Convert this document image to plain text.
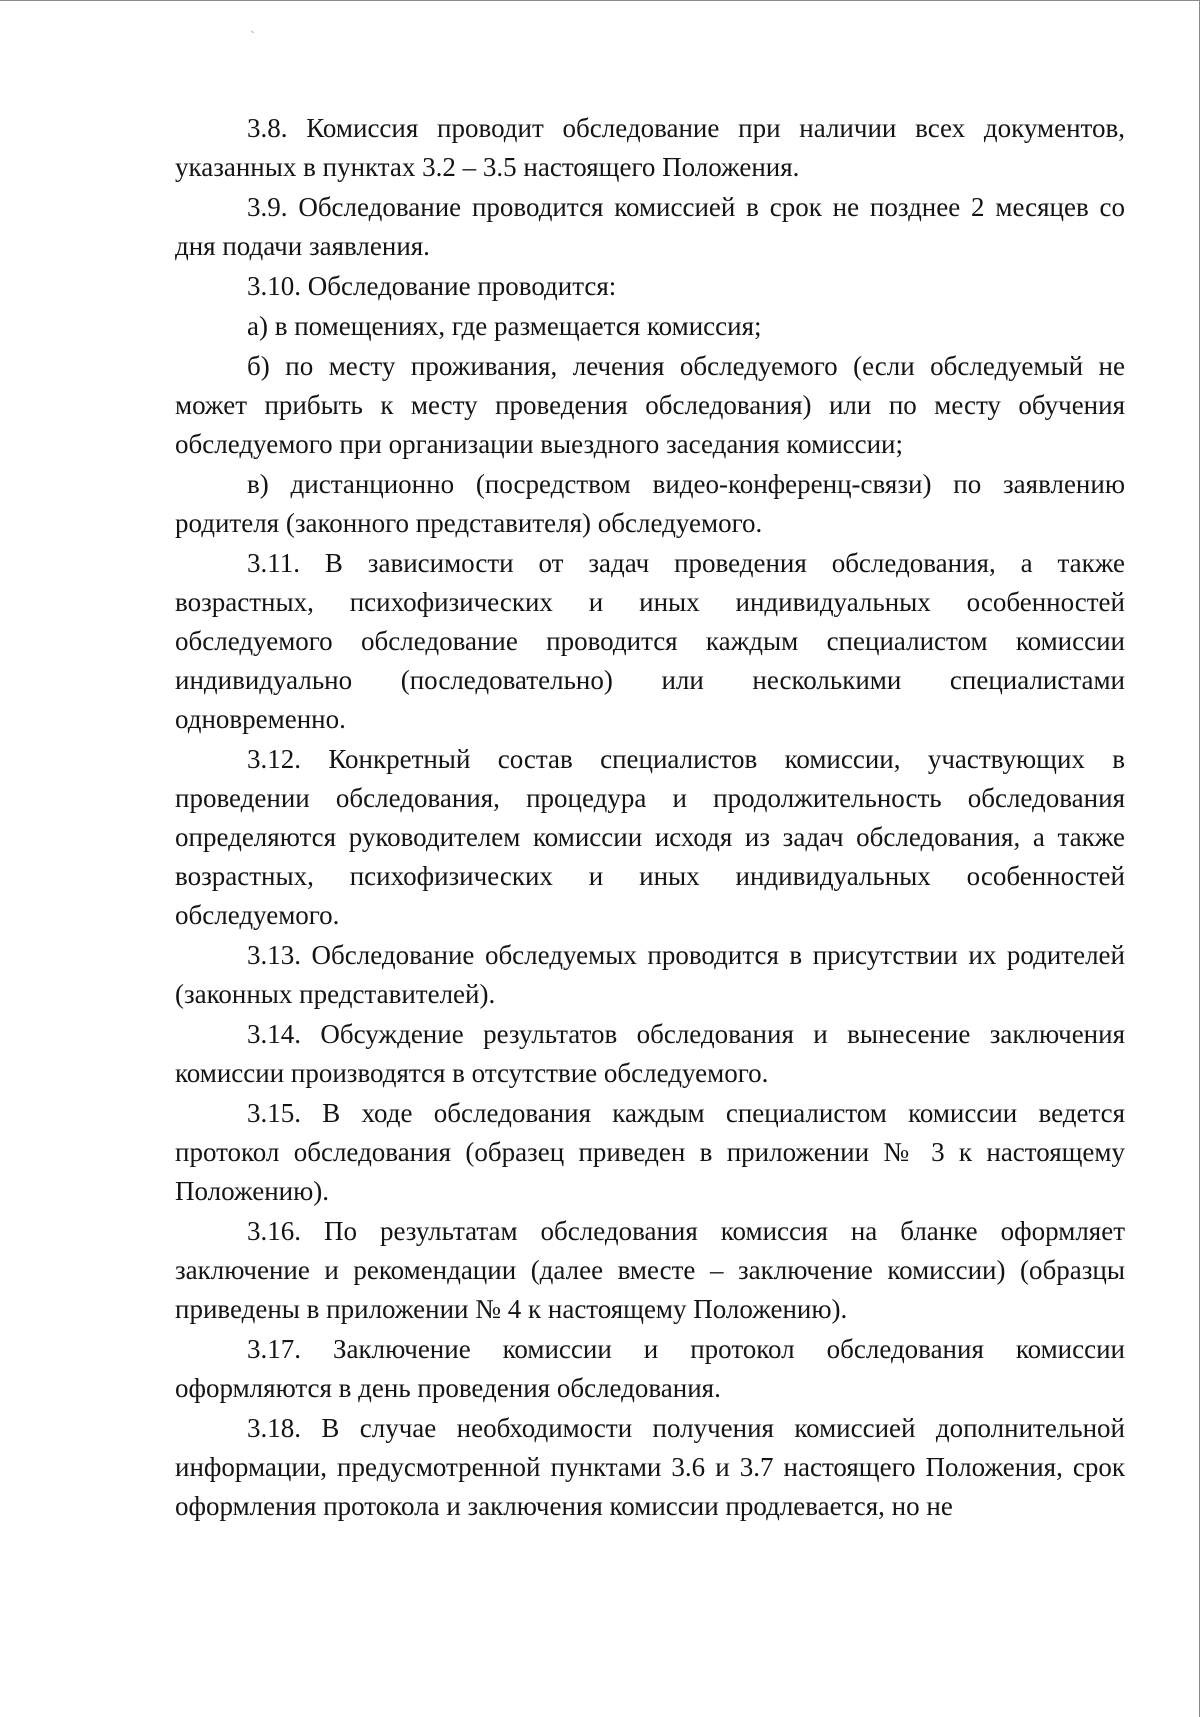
ˎ

3.8. Комиссия проводит обследование при наличии всех документов, указанных в пунктах 3.2 – 3.5 настоящего Положения.

3.9. Обследование проводится комиссией в срок не позднее 2 месяцев со дня подачи заявления.

3.10. Обследование проводится:

а) в помещениях, где размещается комиссия;

б) по месту проживания, лечения обследуемого (если обследуемый не может прибыть к месту проведения обследования) или по месту обучения обследуемого при организации выездного заседания комиссии;

в) дистанционно (посредством видео-конференц-связи) по заявлению родителя (законного представителя) обследуемого.

3.11. В зависимости от задач проведения обследования, а также возрастных, психофизических и иных индивидуальных особенностей обследуемого обследование проводится каждым специалистом комиссии индивидуально (последовательно) или несколькими специалистами одновременно.

3.12. Конкретный состав специалистов комиссии, участвующих в проведении обследования, процедура и продолжительность обследования определяются руководителем комиссии исходя из задач обследования, а также возрастных, психофизических и иных индивидуальных особенностей обследуемого.

3.13. Обследование обследуемых проводится в присутствии их родителей (законных представителей).

3.14. Обсуждение результатов обследования и вынесение заключения комиссии производятся в отсутствие обследуемого.

3.15. В ходе обследования каждым специалистом комиссии ведется протокол обследования (образец приведен в приложении № 3 к настоящему Положению).

3.16. По результатам обследования комиссия на бланке оформляет заключение и рекомендации (далее вместе – заключение комиссии) (образцы приведены в приложении № 4 к настоящему Положению).

3.17. Заключение комиссии и протокол обследования комиссии оформляются в день проведения обследования.

3.18. В случае необходимости получения комиссией дополнительной информации, предусмотренной пунктами 3.6 и 3.7 настоящего Положения, срок оформления протокола и заключения комиссии продлевается, но не
